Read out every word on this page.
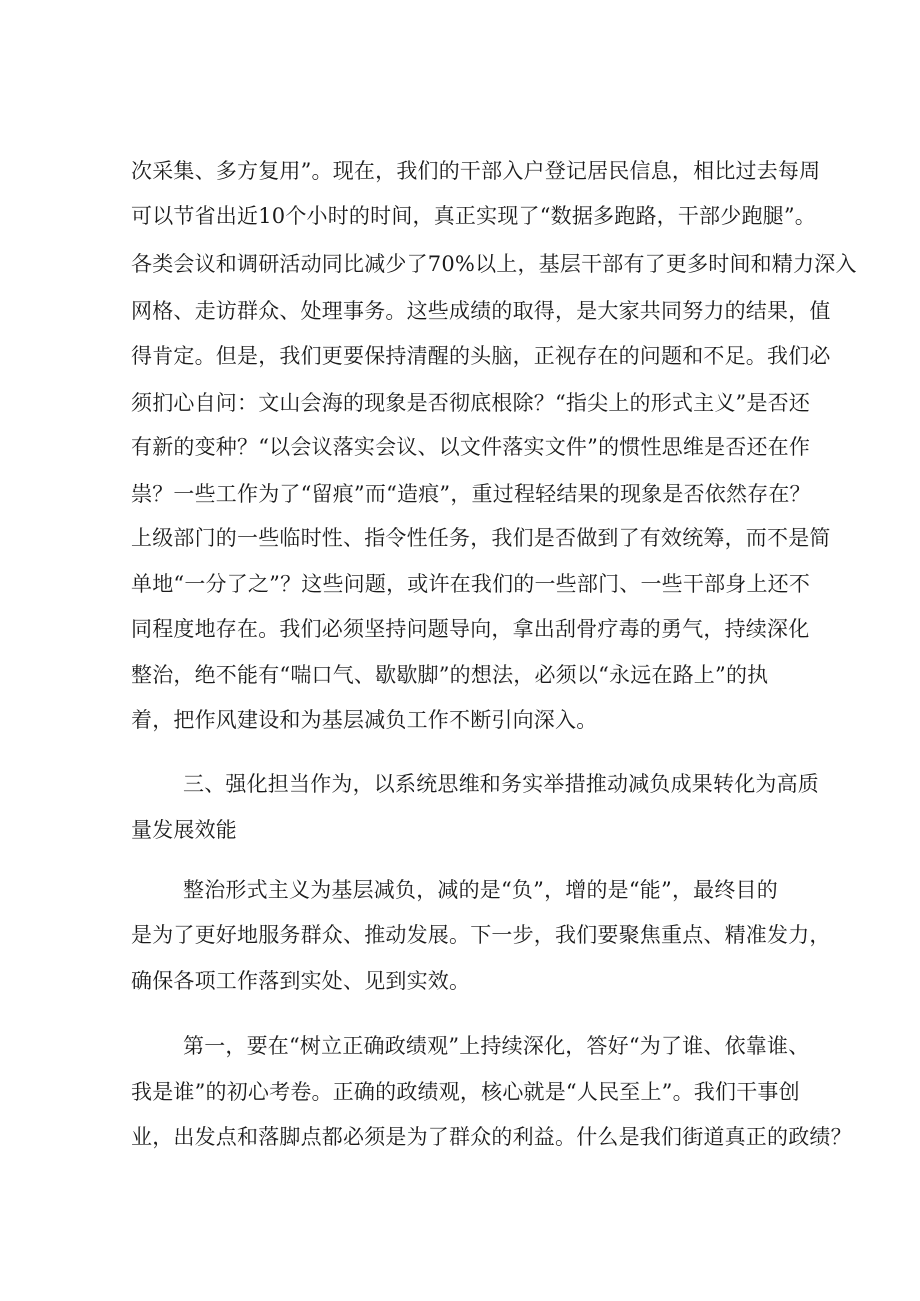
次采集、多方复用”。现在，我们的干部入户登记居民信息，相比过去每周
可以节省出近10个小时的时间，真正实现了“数据多跑路，干部少跑腿”。
各类会议和调研活动同比减少了70%以上，基层干部有了更多时间和精力深入
网格、走访群众、处理事务。这些成绩的取得，是大家共同努力的结果，值
得肯定。但是，我们更要保持清醒的头脑，正视存在的问题和不足。我们必
须扪心自问：文山会海的现象是否彻底根除？“指尖上的形式主义”是否还
有新的变种？“以会议落实会议、以文件落实文件”的惯性思维是否还在作
祟？一些工作为了“留痕”而“造痕”，重过程轻结果的现象是否依然存在？
上级部门的一些临时性、指令性任务，我们是否做到了有效统筹，而不是简
单地“一分了之”？这些问题，或许在我们的一些部门、一些干部身上还不
同程度地存在。我们必须坚持问题导向，拿出刮骨疗毒的勇气，持续深化
整治，绝不能有“喘口气、歇歇脚”的想法，必须以“永远在路上”的执
着，把作风建设和为基层减负工作不断引向深入。
三、强化担当作为，以系统思维和务实举措推动减负成果转化为高质
量发展效能
整治形式主义为基层减负，减的是“负”，增的是“能”，最终目的
是为了更好地服务群众、推动发展。下一步，我们要聚焦重点、精准发力，
确保各项工作落到实处、见到实效。
第一，要在“树立正确政绩观”上持续深化，答好“为了谁、依靠谁、
我是谁”的初心考卷。正确的政绩观，核心就是“人民至上”。我们干事创
业，出发点和落脚点都必须是为了群众的利益。什么是我们街道真正的政绩？
